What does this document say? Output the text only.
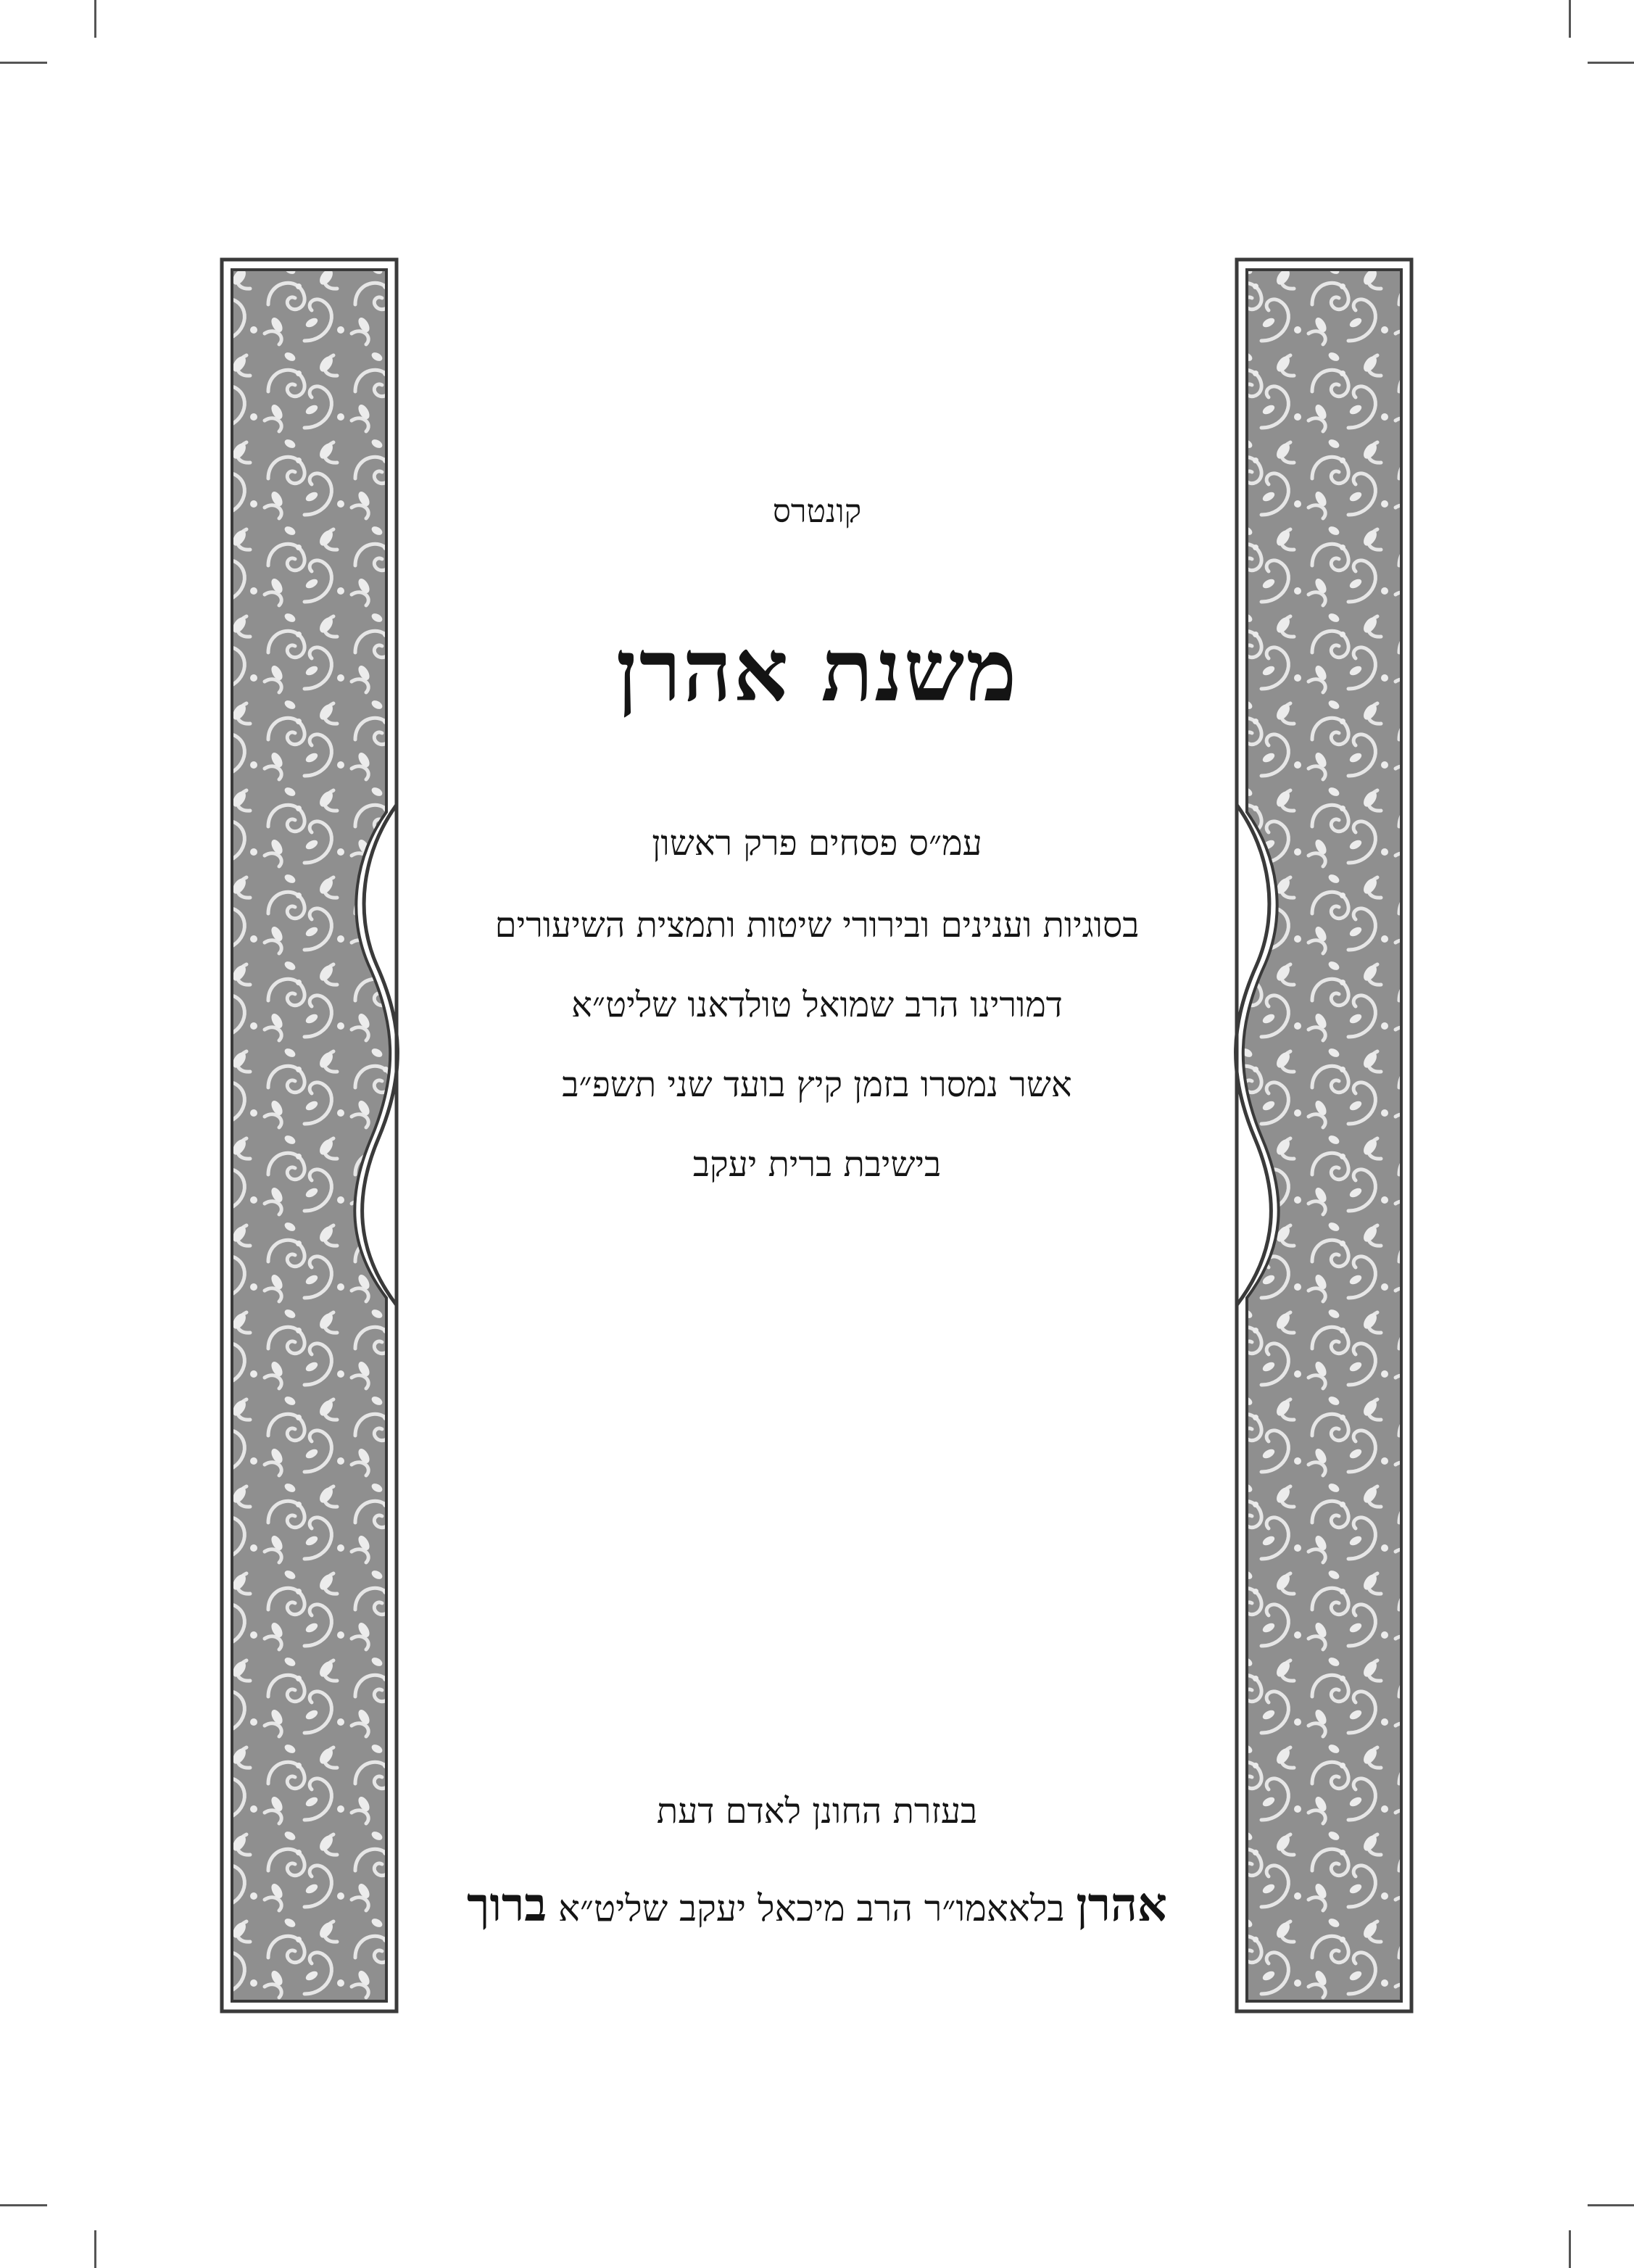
קונטרס
משנת אהרן
עמ״ס פסחים פרק ראשון
בסוגיות וענינים ובירורי שיטות ותמצית השיעורים
דמורינו הרב שמואל טולדאנו שליט״א
אשר נמסרו בזמן קיץ בועד שני תשפ״ב
בישיבת ברית יעקב
בעזרת החונן לאדם דעת
אהרן בלאאמו״ר הרב מיכאל יעקב שליט״א ברוך
